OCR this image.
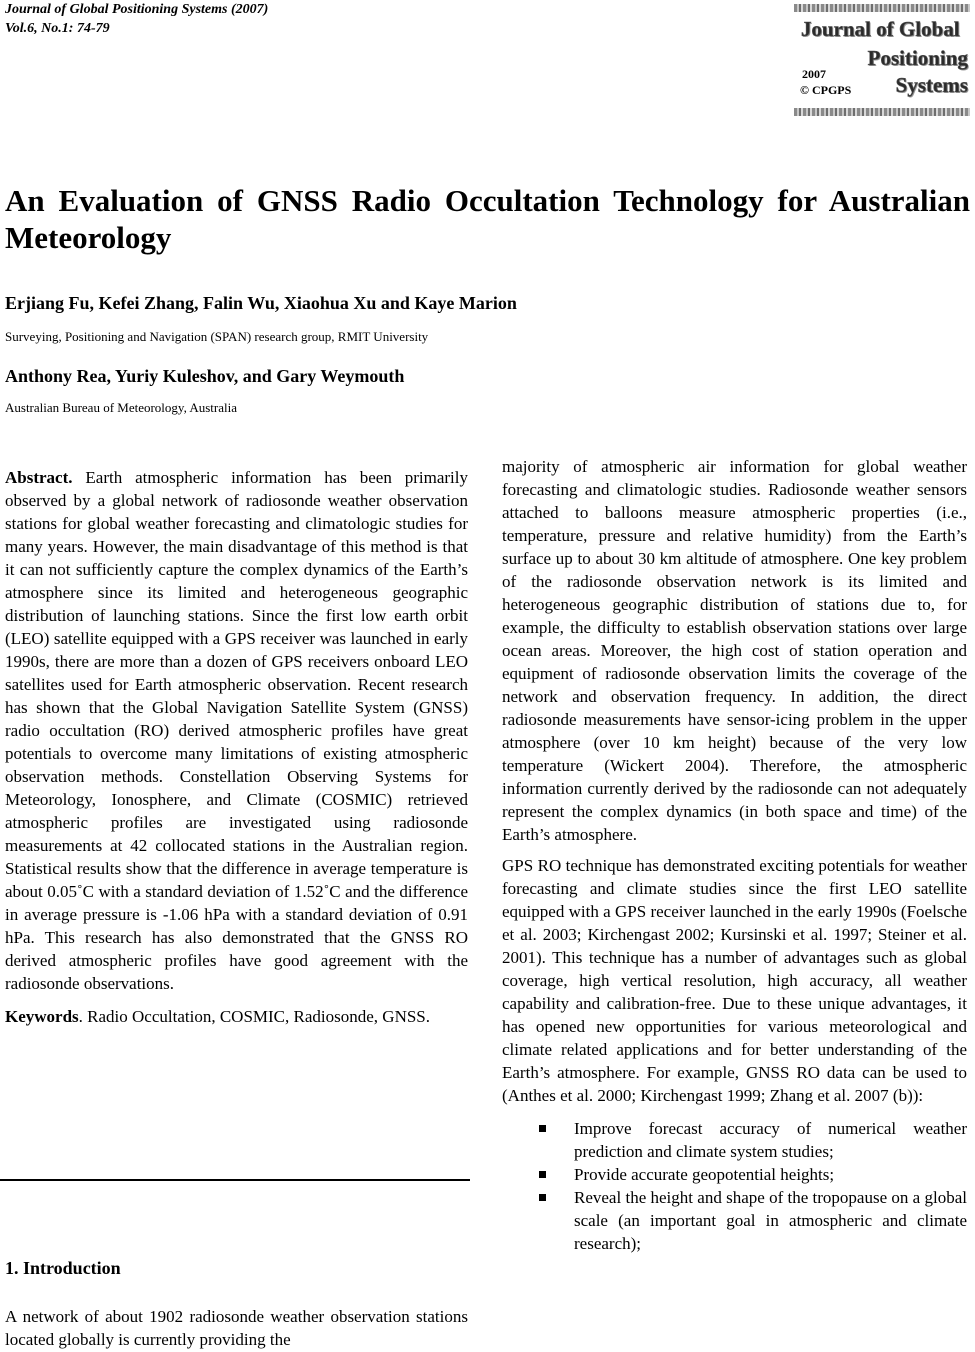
Journal of Global Positioning Systems (2007)
Vol.6, No.1: 74-79	Journal of Global
Positioning
Systems
2007
© CPGPS
An Evaluation of GNSS Radio Occultation Technology for Australian Meteorology
Erjiang Fu, Kefei Zhang, Falin Wu, Xiaohua Xu and Kaye Marion
Surveying, Positioning and Navigation (SPAN) research group, RMIT University
Anthony Rea, Yuriy Kuleshov, and Gary Weymouth
Australian Bureau of Meteorology, Australia

Abstract. Earth atmospheric information has been primarily observed by a global network of radiosonde weather observation stations for global weather forecasting and climatologic studies for many years. However, the main disadvantage of this method is that it can not sufficiently capture the complex dynamics of the Earth’s atmosphere since its limited and heterogeneous geographic distribution of launching stations. Since the first low earth orbit (LEO) satellite equipped with a GPS receiver was launched in early 1990s, there are more than a dozen of GPS receivers onboard LEO satellites used for Earth atmospheric observation. Recent research has shown that the Global Navigation Satellite System (GNSS) radio occultation (RO) derived atmospheric profiles have great potentials to overcome many limitations of existing atmospheric observation methods. Constellation Observing Systems for Meteorology, Ionosphere, and Climate (COSMIC) retrieved atmospheric profiles are investigated using radiosonde measurements at 42 collocated stations in the Australian region. Statistical results show that the difference in average temperature is about 0.05˚C with a standard deviation of 1.52˚C and the difference in average pressure is -1.06 hPa with a standard deviation of 0.91 hPa. This research has also demonstrated that the GNSS RO derived atmospheric profiles have good agreement with the radiosonde observations.

Keywords. Radio Occultation, COSMIC, Radiosonde, GNSS.

1. Introduction
A network of about 1902 radiosonde weather observation stations located globally is currently providing the

majority of atmospheric air information for global weather forecasting and climatologic studies. Radiosonde weather sensors attached to balloons measure atmospheric properties (i.e., temperature, pressure and relative humidity) from the Earth’s surface up to about 30 km altitude of atmosphere. One key problem of the radiosonde observation network is its limited and heterogeneous geographic distribution of stations due to, for example, the difficulty to establish observation stations over large ocean areas. Moreover, the high cost of station operation and equipment of radiosonde observation limits the coverage of the network and observation frequency. In addition, the direct radiosonde measurements have sensor-icing problem in the upper atmosphere (over 10 km height) because of the very low temperature (Wickert 2004). Therefore, the atmospheric information currently derived by the radiosonde can not adequately represent the complex dynamics (in both space and time) of the Earth’s atmosphere.

GPS RO technique has demonstrated exciting potentials for weather forecasting and climate studies since the first LEO satellite equipped with a GPS receiver launched in the early 1990s (Foelsche et al. 2003; Kirchengast 2002; Kursinski et al. 1997; Steiner et al. 2001). This technique has a number of advantages such as global coverage, high vertical resolution, high accuracy, all weather capability and calibration-free. Due to these unique advantages, it has opened new opportunities for various meteorological and climate related applications and for better understanding of the Earth’s atmosphere. For example, GNSS RO data can be used to (Anthes et al. 2000; Kirchengast 1999; Zhang et al. 2007 (b)):

Improve forecast accuracy of numerical weather prediction and climate system studies;
Provide accurate geopotential heights;
Reveal the height and shape of the tropopause on a global scale (an important goal in atmospheric and climate research);
